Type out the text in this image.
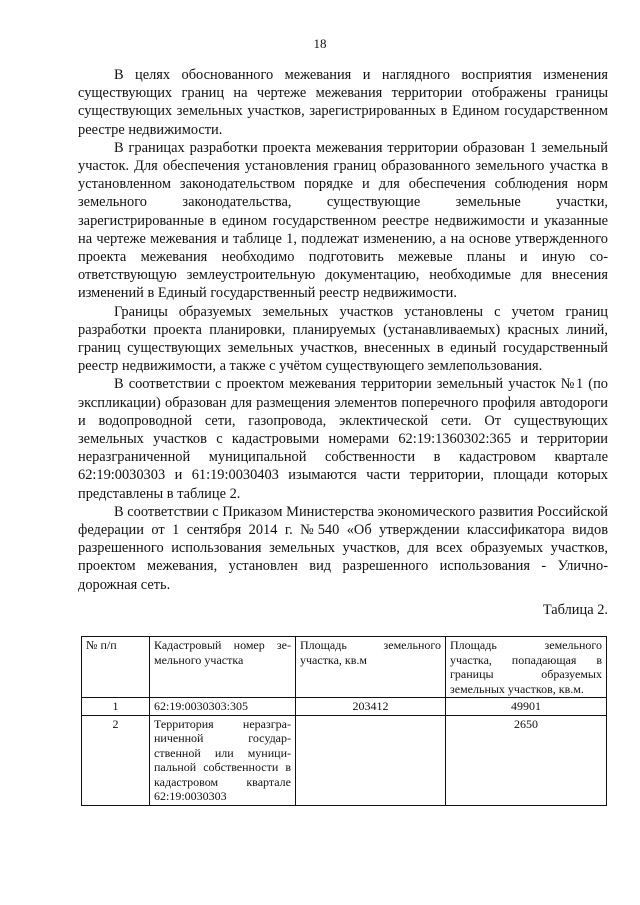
18

В целях обоснованного межевания и наглядного восприятия изменения существующих границ на чертеже межевания территории отображены границы существующих земельных участков, зарегистрированных в Едином государственном реестре недвижимости.

В границах разработки проекта межевания территории образован 1 земельный участок. Для обеспечения установления границ образованного земельного участка в установленном законодательством порядке и для обеспечения соблюдения норм земельного законодательства, существующие земельные участки, зарегистрированные в едином государственном реестре недвижимости и указанные на чертеже межевания и таблице 1, подлежат изменению, а на основе утвержденного проекта межевания необходимо подготовить межевые планы и иную со-ответствующую землеустроительную документацию, необходимые для внесения изменений в Единый государственный реестр недвижимости.

Границы образуемых земельных участков установлены с учетом границ разработки проекта планировки, планируемых (устанавливаемых) красных линий, границ существующих земельных участков, внесенных в единый государственный реестр недвижимости, а также с учётом существующего землепользования.

В соответствии с проектом межевания территории земельный участок №1 (по экспликации) образован для размещения элементов поперечного профиля автодороги и водопроводной сети, газопровода, эклектической сети. От существующих земельных участков с кадастровыми номерами 62:19:1360302:365 и территории неразграниченной муниципальной собственности в кадастровом квартале 62:19:0030303 и 61:19:0030403 изымаются части территории, площади которых представлены в таблице 2.

В соответствии с Приказом Министерства экономического развития Российской федерации от 1 сентября 2014 г. №540 «Об утверждении классификатора видов разрешенного использования земельных участков, для всех образуемых участков, проектом межевания, установлен вид разрешенного использования - Улично-дорожная сеть.

Таблица 2.
№ п/п	Кадастровый номер зе-мельного участка	Площадь земельного участка, кв.м	Площадь земельного участка, попадающая в границы образуемых земельных участков, кв.м.
1	62:19:0030303:305	203412	49901
2	Территория неразгра-ниченной государ-ственной или муници-пальной собственности в кадастровом квартале 62:19:0030303		2650
